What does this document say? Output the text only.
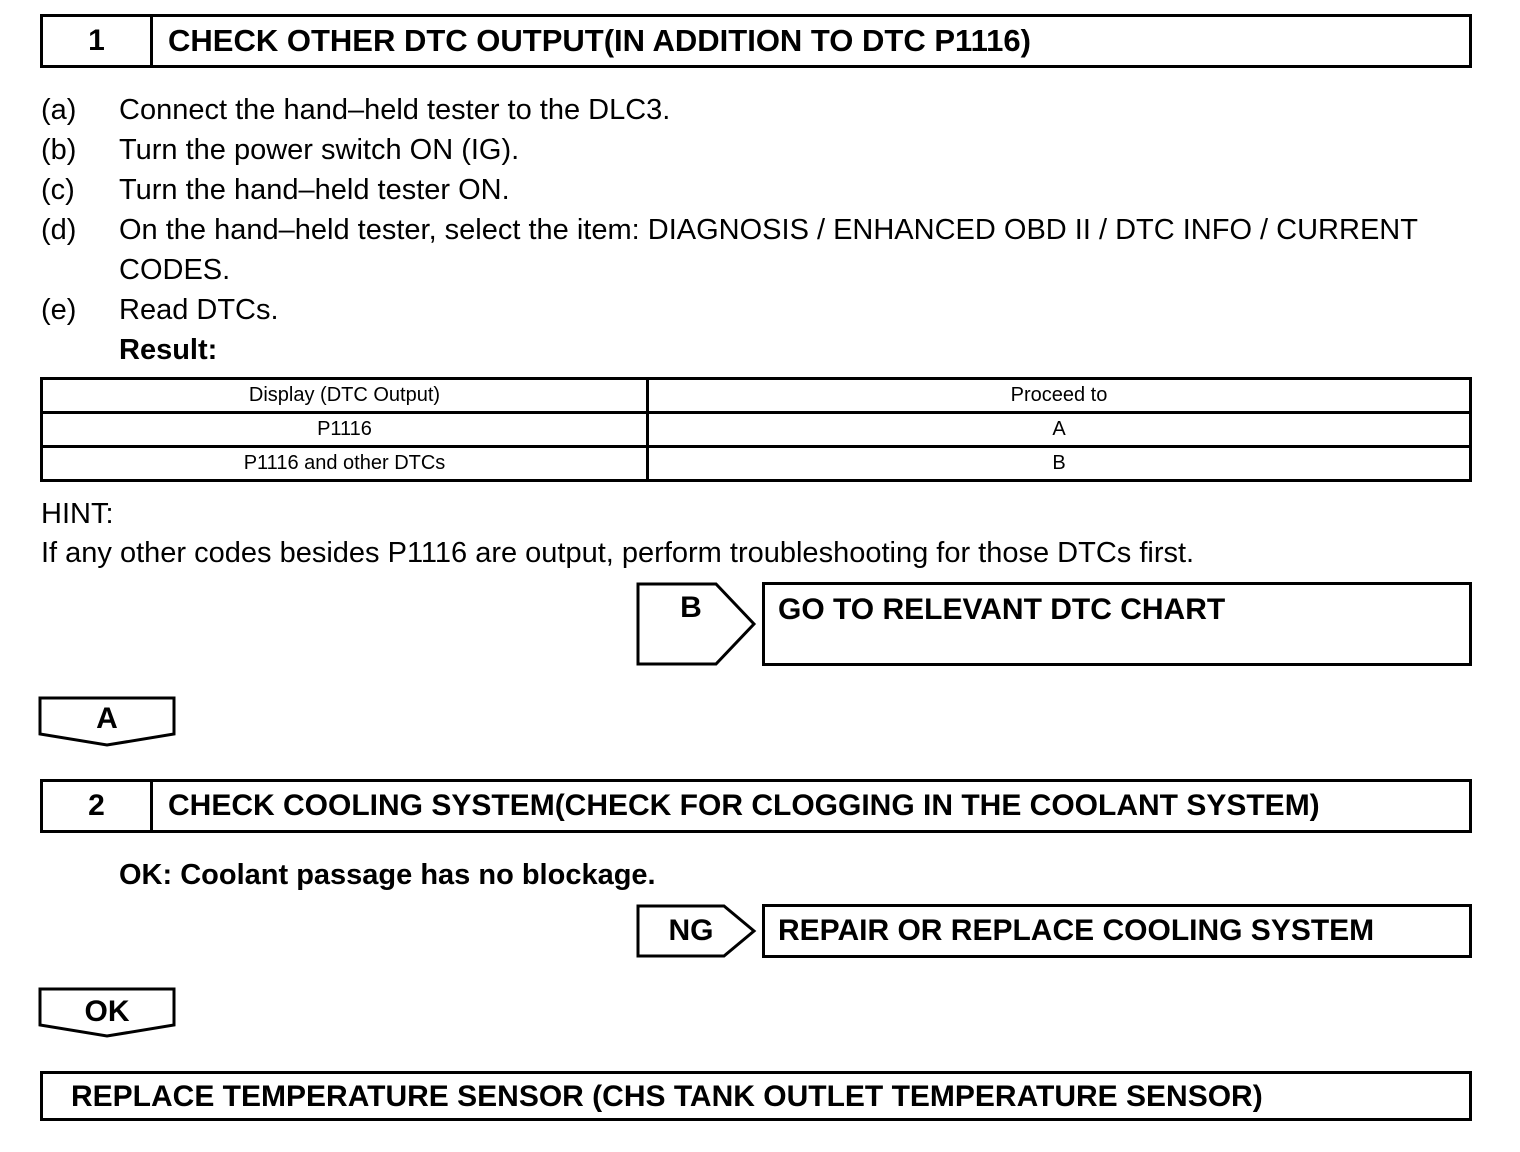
1	CHECK OTHER DTC OUTPUT(IN ADDITION TO DTC P1116)
(a) Connect the hand–held tester to the DLC3.
(b) Turn the power switch ON (IG).
(c) Turn the hand–held tester ON.
(d) On the hand–held tester, select the item: DIAGNOSIS / ENHANCED OBD II / DTC INFO / CURRENT
CODES.
(e) Read DTCs.
Result:
Display (DTC Output)	Proceed to
P1116	A
P1116 and other DTCs	B
HINT:
If any other codes besides P1116 are output, perform troubleshooting for those DTCs first.
B	GO TO RELEVANT DTC CHART
A
2	CHECK COOLING SYSTEM(CHECK FOR CLOGGING IN THE COOLANT SYSTEM)
OK: Coolant passage has no blockage.
NG	REPAIR OR REPLACE COOLING SYSTEM
OK
REPLACE TEMPERATURE SENSOR (CHS TANK OUTLET TEMPERATURE SENSOR)
